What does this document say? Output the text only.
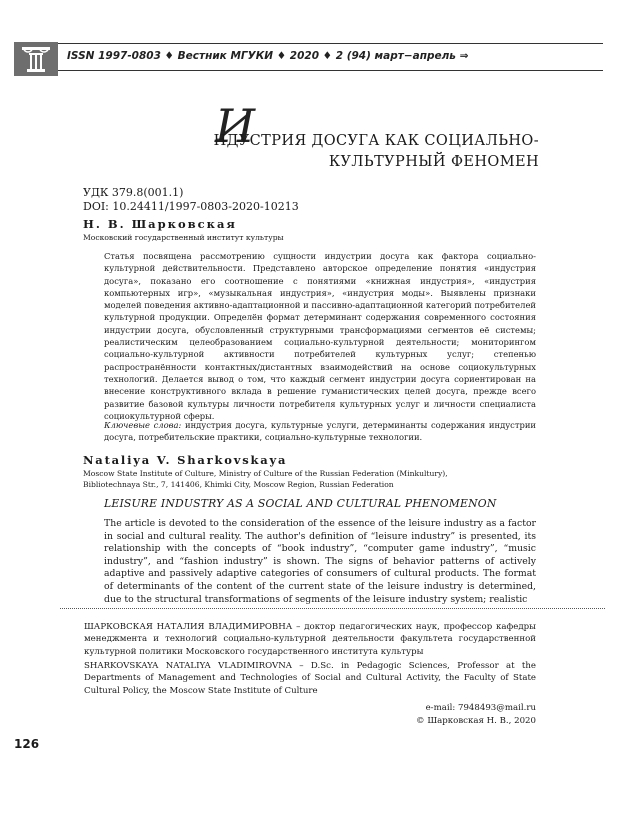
ISSN 1997-0803 ♦ Вестник МГУКИ ♦ 2020 ♦ 2 (94) март−апрель ⇒
И
НДУСТРИЯ ДОСУГА КАК СОЦИАЛЬНО-
КУЛЬТУРНЫЙ ФЕНОМЕН
УДК 379.8(001.1)
DOI: 10.24411/1997-0803-2020-10213
Н. В. Шарковская
Московский государственный институт культуры
Статья посвящена рассмотрению сущности индустрии досуга как фактора социально-культурной действительности. Представлено авторское определение понятия «индустрия досуга», показано его соотношение с понятиями «книжная индустрия», «индустрия компьютерных игр», «музыкальная индустрия», «индустрия моды». Выявлены признаки моделей поведения активно-адаптационной и пассивно-адаптационной категорий потребителей культурной продукции. Определён формат детерминант содержания современного состояния индустрии досуга, обусловленный структурными трансформациями сегментов её системы; реалистическим целеобразованием социально-культурной деятельности; мониторингом социально-культурной активности потребителей культурных услуг; степенью распространённости контактных/дистантных взаимодействий на основе социокультурных технологий. Делается вывод о том, что каждый сегмент индустрии досуга сориентирован на внесение конструктивного вклада в решение гуманистических целей досуга, прежде всего развитие базовой культуры личности потребителя культурных услуг и личности специалиста социокультурной сферы.
Ключевые слова: индустрия досуга, культурные услуги, детерминанты содержания индустрии досуга, потребительские практики, социально-культурные технологии.
Nataliya V. Sharkovskaya
Moscow State Institute of Culture, Ministry of Culture of the Russian Federation (Minkultury),
Bibliotechnaya Str., 7, 141406, Khimki City, Moscow Region, Russian Federation
LEISURE INDUSTRY AS A SOCIAL AND CULTURAL PHENOMENON
The article is devoted to the consideration of the essence of the leisure industry as a factor in social and cultural reality. The author's definition of “leisure industry” is presented, its relationship with the concepts of “book industry”, “computer game industry”, “music industry”, and “fashion industry” is shown. The signs of behavior patterns of actively adaptive and passively adaptive categories of consumers of cultural products. The format of determinants of the content of the current state of the leisure industry is determined, due to the structural transformations of segments of the leisure industry system; realistic
ШАРКОВСКАЯ НАТАЛИЯ ВЛАДИМИРОВНА – доктор педагогических наук, профессор кафедры менеджмента и технологий социально-культурной деятельности факультета государственной культурной политики Московского государственного института культуры
SHARKOVSKAYA NATALIYA VLADIMIROVNA – D.Sc. in Pedagogic Sciences, Professor at the Departments of Management and Technologies of Social and Cultural Activity, the Faculty of State Cultural Policy, the Moscow State Institute of Culture
e-mail: 7948493@mail.ru
© Шарковская Н. В., 2020
126
